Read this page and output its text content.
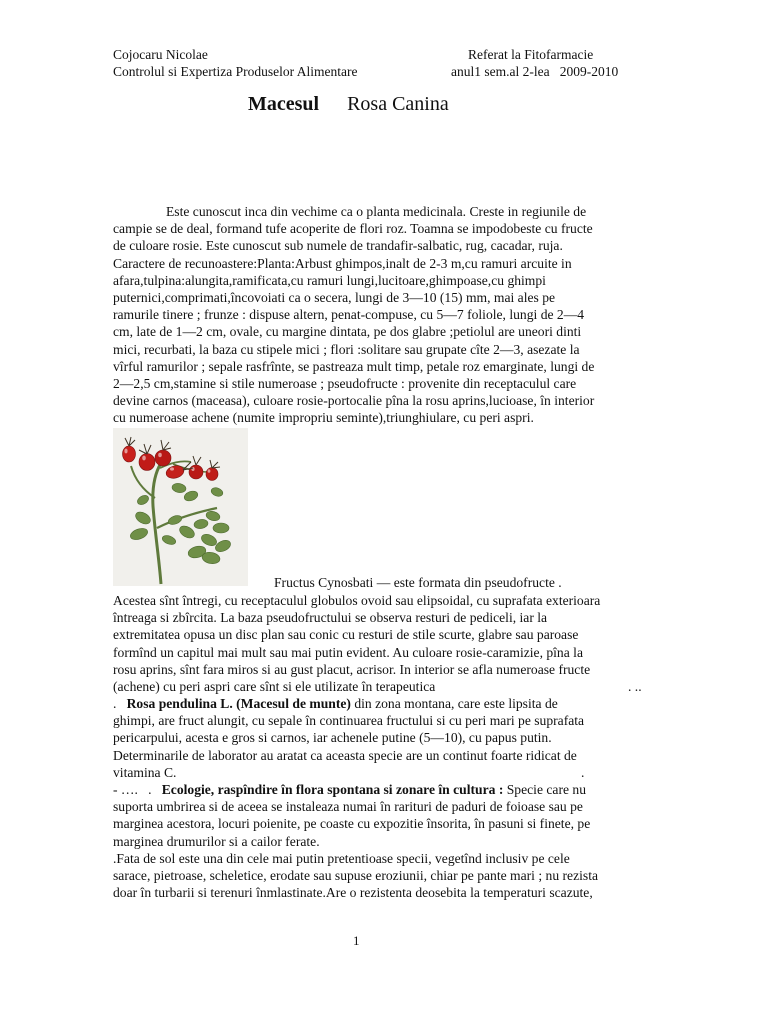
Cojocaru Nicolae
Controlul si Expertiza Produselor Alimentare
Referat la Fitofarmacie
anul1 sem.al 2-lea   2009-2010
Macesul Rosa Canina
Este cunoscut inca din vechime ca o planta medicinala. Creste in regiunile de
campie se de deal, formand tufe acoperite de flori roz. Toamna se impodobeste cu fructe
de culoare rosie. Este cunoscut sub numele de trandafir-salbatic, rug, cacadar, ruja.
Caractere de recunoastere:Planta:Arbust ghimpos,inalt de 2-3 m,cu ramuri arcuite in
afara,tulpina:alungita,ramificata,cu ramuri lungi,lucitoare,ghimpoase,cu ghimpi
puternici,comprimati,încovoiati ca o secera, lungi de 3—10 (15) mm, mai ales pe
ramurile tinere ; frunze : dispuse altern, penat-compuse, cu 5—7 foliole, lungi de 2—4
cm, late de 1—2 cm, ovale, cu margine dintata, pe dos glabre ;petiolul are uneori dinti
mici, recurbati, la baza cu stipele mici ; flori :solitare sau grupate cîte 2—3, asezate la
vîrful ramurilor ; sepale rasfrînte, se pastreaza mult timp, petale roz emarginate, lungi de
2—2,5 cm,stamine si stile numeroase ; pseudofructe : provenite din receptaculul care
devine carnos (maceasa), culoare rosie-portocalie pîna la rosu aprins,lucioase, în interior
cu numeroase achene (numite impropriu seminte),triunghiulare, cu peri aspri.
Fructus Cynosbati — este formata din pseudofructe .
Acestea sînt întregi, cu receptaculul globulos ovoid sau elipsoidal, cu suprafata exterioara
întreaga si zbîrcita. La baza pseudofructului se observa resturi de pediceli, iar la
extremitatea opusa un disc plan sau conic cu resturi de stile scurte, glabre sau paroase
formînd un capitul mai mult sau mai putin evident. Au culoare rosie-caramizie, pîna la
rosu aprins, sînt fara miros si au gust placut, acrisor. In interior se afla numeroase fructe
(achene) cu peri aspri care sînt si ele utilizate în terapeutica	. ..
. Rosa pendulina L. (Macesul de munte) din zona montana, care este lipsita de
ghimpi, are fruct alungit, cu sepale în continuarea fructului si cu peri mari pe suprafata
pericarpului, acesta e gros si carnos, iar achenele putine (5—10), cu papus putin.
Determinarile de laborator au aratat ca aceasta specie are un continut foarte ridicat de
vitamina C.	.
- ….   . Ecologie, raspîndire în flora spontana si zonare în cultura : Specie care nu
suporta umbrirea si de aceea se instaleaza numai în rarituri de paduri de foioase sau pe
marginea acestora, locuri poienite, pe coaste cu expozitie însorita, în pasuni si finete, pe
marginea drumurilor si a cailor ferate.
.Fata de sol este una din cele mai putin pretentioase specii, vegetînd inclusiv pe cele
sarace, pietroase, scheletice, erodate sau supuse eroziunii, chiar pe pante mari ; nu rezista
doar în turbarii si terenuri înmlastinate.Are o rezistenta deosebita la temperaturi scazute,
1
